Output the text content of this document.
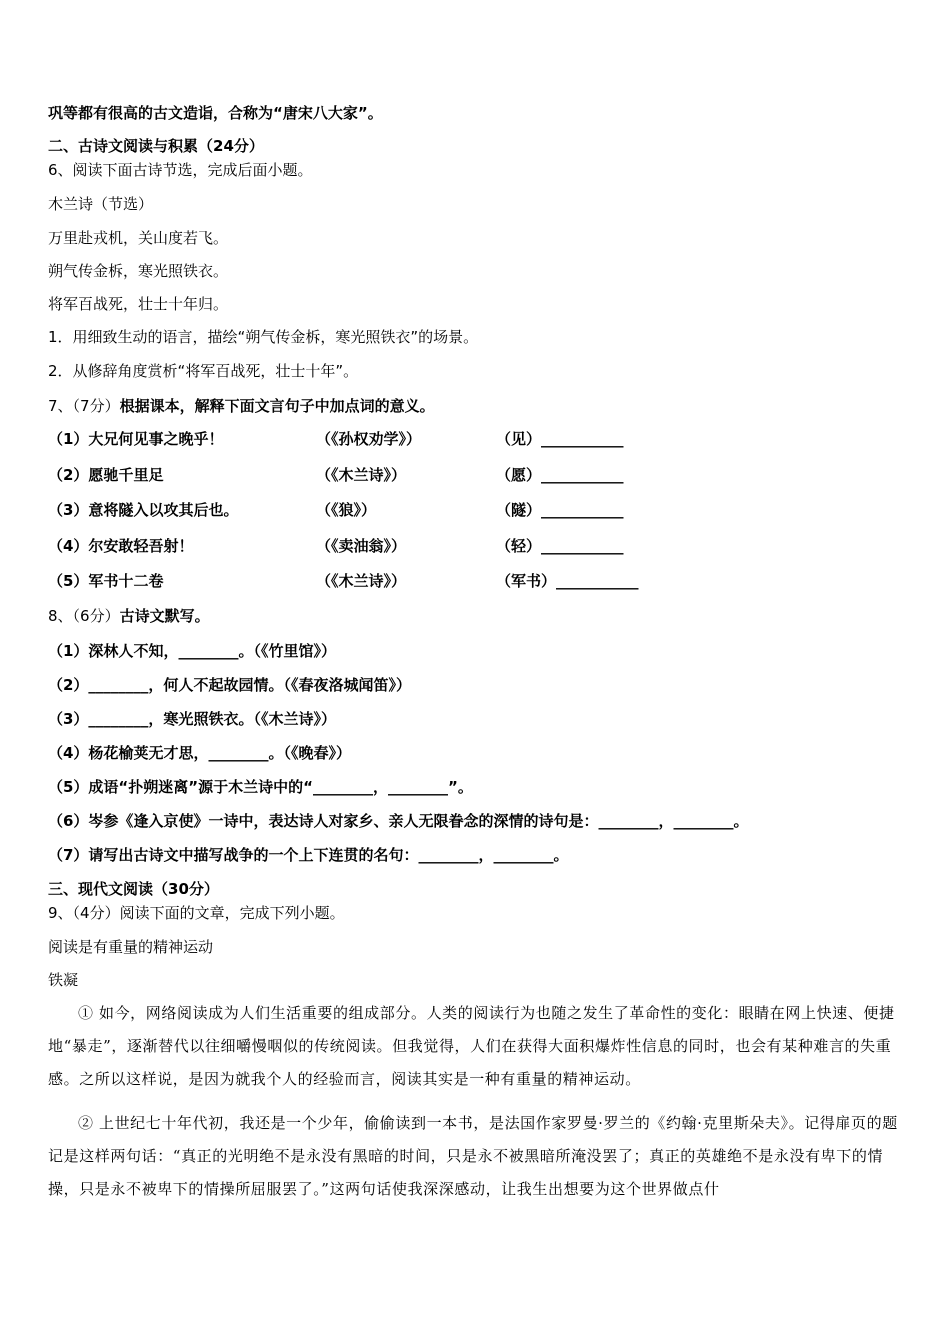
巩等都有很高的古文造诣，合称为“唐宋八大家”。
二、古诗文阅读与积累（24分）
6、阅读下面古诗节选，完成后面小题。
木兰诗（节选）
万里赴戎机，关山度若飞。
朔气传金柝，寒光照铁衣。
将军百战死，壮士十年归。
1．用细致生动的语言，描绘“朔气传金柝，寒光照铁衣”的场景。
2．从修辞角度赏析“将军百战死，壮士十年”。
7、（7分）根据课本，解释下面文言句子中加点词的意义。
（1）大兄何见事之晚乎！	（《孙权劝学》）	（见）___________
（2）愿驰千里足	（《木兰诗》）	（愿）___________
（3）意将隧入以攻其后也。	（《狼》）	（隧）___________
（4）尔安敢轻吾射！	（《卖油翁》）	（轻）___________
（5）军书十二卷	（《木兰诗》）	（军书）___________
8、（6分）古诗文默写。
（1）深林人不知，________。（《竹里馆》）
（2）________，何人不起故园情。（《春夜洛城闻笛》）
（3）________，寒光照铁衣。（《木兰诗》）
（4）杨花榆荚无才思，________。（《晚春》）
（5）成语“扑朔迷离”源于木兰诗中的“________，________”。
（6）岑参《逢入京使》一诗中，表达诗人对家乡、亲人无限眷念的深情的诗句是：________，________。
（7）请写出古诗文中描写战争的一个上下连贯的名句：________，________。
三、现代文阅读（30分）
9、（4分）阅读下面的文章，完成下列小题。
阅读是有重量的精神运动
铁凝
① 如今，网络阅读成为人们生活重要的组成部分。人类的阅读行为也随之发生了革命性的变化：眼睛在网上快速、便捷地“暴走”，逐渐替代以往细嚼慢咽似的传统阅读。但我觉得，人们在获得大面积爆炸性信息的同时，也会有某种难言的失重感。之所以这样说，是因为就我个人的经验而言，阅读其实是一种有重量的精神运动。
② 上世纪七十年代初，我还是一个少年，偷偷读到一本书，是法国作家罗曼·罗兰的《约翰·克里斯朵夫》。记得扉页的题记是这样两句话：“真正的光明绝不是永没有黑暗的时间，只是永不被黑暗所淹没罢了；真正的英雄绝不是永没有卑下的情操，只是永不被卑下的情操所屈服罢了。”这两句话使我深深感动，让我生出想要为这个世界做点什
